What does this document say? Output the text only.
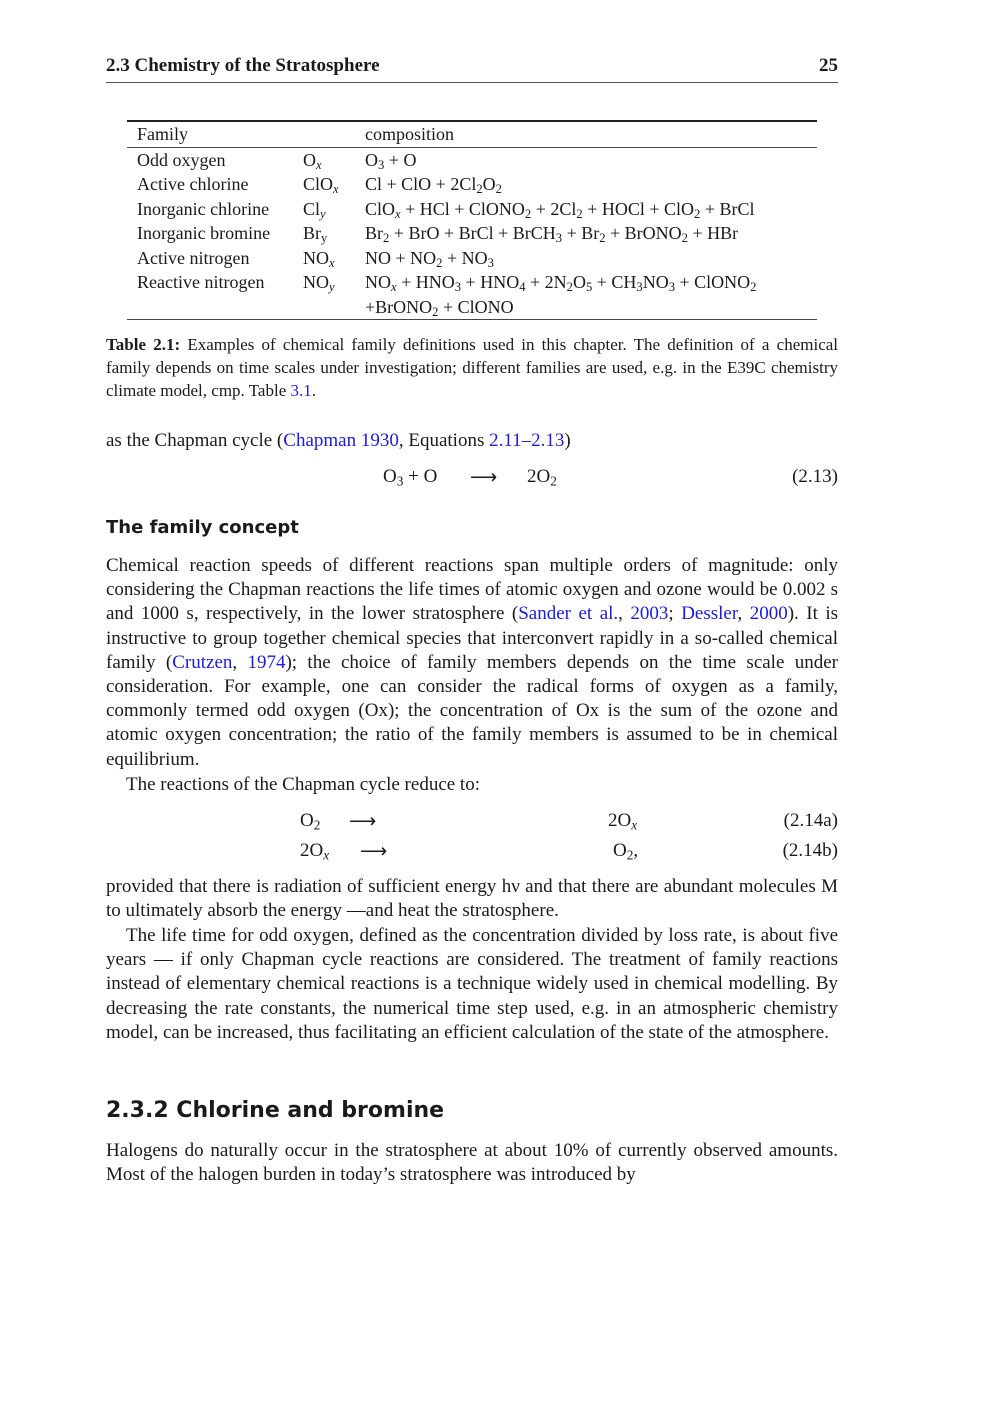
2.3 Chemistry of the Stratosphere	25
Family		composition
Odd oxygen	$O_x$	$O_3 + O$
Active chlorine	ClO$_x$	Cl + ClO + $2Cl_2O_2$
Inorganic chlorine	$Cl_y$	ClO$_x$ + HCl + ClONO$_2$ + $2Cl_2$ + HOCl + ClO$_2$ + BrCl
Inorganic bromine	$Br_y$	$Br_2$ + BrO + BrCl + BrCH$_3$ + $Br_2$ + BrONO$_2$ + HBr
Active nitrogen	$NO_x$	NO + $NO_2 + NO_3$
Reactive nitrogen	$NO_y$	$NO_x + HNO_3 + HNO_4 + 2N_2O_5 + CH_3NO_3$ + ClONO$_2$
+BrONO$_2$ + ClONO
Table 2.1: Examples of chemical family definitions used in this chapter. The definition of a chemical family depends on time scales under investigation; different families are used, e.g. in the E39C chemistry climate model, cmp. Table 3.1.

as the Chapman cycle (Chapman 1930, Equations 2.11–2.13)

$O_3 + O$ ⟶ $2O_2$	(2.13)
The family concept

Chemical reaction speeds of different reactions span multiple orders of magnitude: only considering the Chapman reactions the life times of atomic oxygen and ozone would be 0.002 s and 1000 s, respectively, in the lower stratosphere (Sander et al., 2003; Dessler, 2000). It is instructive to group together chemical species that interconvert rapidly in a so-called chemical family (Crutzen, 1974); the choice of family members depends on the time scale under consideration. For example, one can consider the radical forms of oxygen as a family, commonly termed odd oxygen (Ox); the concentration of Ox is the sum of the ozone and atomic oxygen concentration; the ratio of the family members is assumed to be in chemical equilibrium.

The reactions of the Chapman cycle reduce to:

$O_2$ ⟶	$2O_x$	(2.14a)
$2O_x$ ⟶	$O_2$,	(2.14b)

provided that there is radiation of sufficient energy hν and that there are abundant molecules M to ultimately absorb the energy —and heat the stratosphere.

The life time for odd oxygen, defined as the concentration divided by loss rate, is about five years — if only Chapman cycle reactions are considered. The treatment of family reactions instead of elementary chemical reactions is a technique widely used in chemical modelling. By decreasing the rate constants, the numerical time step used, e.g. in an atmospheric chemistry model, can be increased, thus facilitating an efficient calculation of the state of the atmosphere.

2.3.2 Chlorine and bromine

Halogens do naturally occur in the stratosphere at about 10% of currently observed amounts. Most of the halogen burden in today’s stratosphere was introduced by
